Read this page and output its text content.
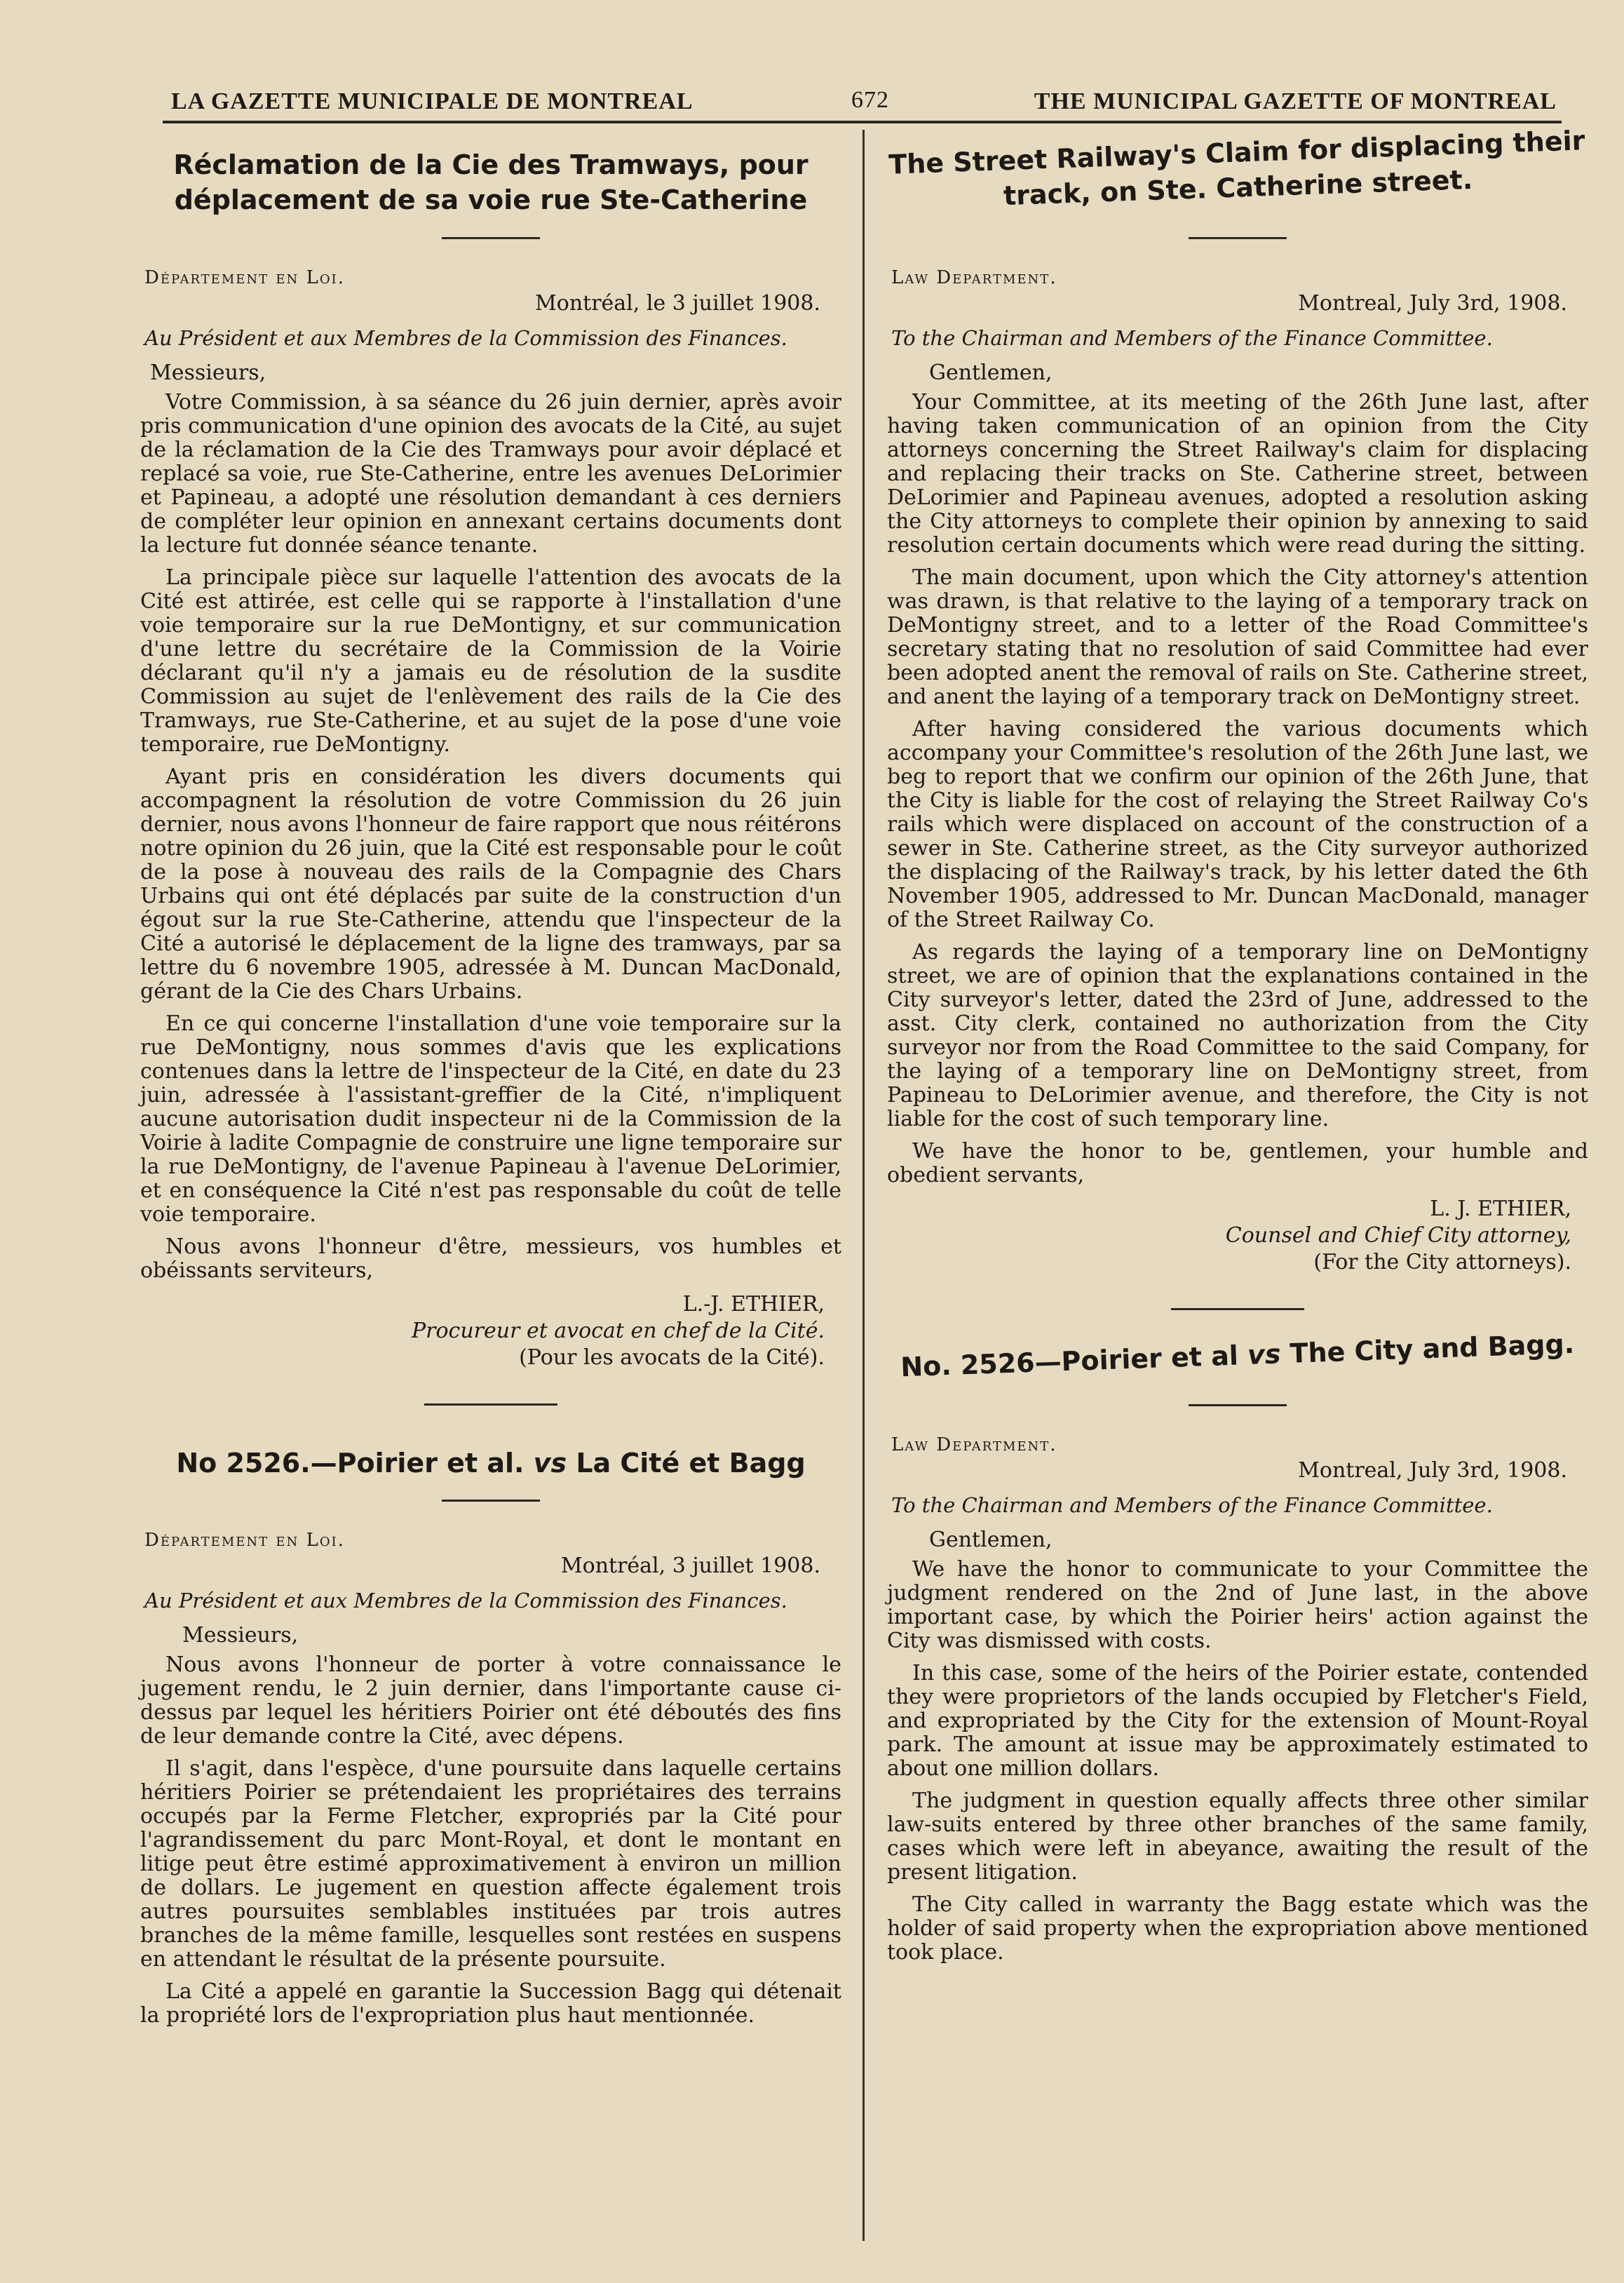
LA GAZETTE MUNICIPALE DE MONTREAL	672	THE MUNICIPAL GAZETTE OF MONTREAL
Réclamation de la Cie des Tramways, pour déplacement de sa voie rue Ste-Catherine
Département en Loi.
Montréal, le 3 juillet 1908.
Au Président et aux Membres de la Commission des Finances.
Messieurs,

Votre Commission, à sa séance du 26 juin dernier, après avoir pris communication d'une opinion des avocats de la Cité, au sujet de la réclamation de la Cie des Tramways pour avoir déplacé et replacé sa voie, rue Ste-Catherine, entre les avenues DeLorimier et Papineau, a adopté une résolution demandant à ces derniers de compléter leur opinion en annexant certains documents dont la lecture fut donnée séance tenante.

La principale pièce sur laquelle l'attention des avocats de la Cité est attirée, est celle qui se rapporte à l'installation d'une voie temporaire sur la rue DeMontigny, et sur communication d'une lettre du secrétaire de la Commission de la Voirie déclarant qu'il n'y a jamais eu de résolution de la susdite Commission au sujet de l'enlèvement des rails de la Cie des Tramways, rue Ste-Catherine, et au sujet de la pose d'une voie temporaire, rue DeMontigny.

Ayant pris en considération les divers documents qui accompagnent la résolution de votre Commission du 26 juin dernier, nous avons l'honneur de faire rapport que nous réitérons notre opinion du 26 juin, que la Cité est responsable pour le coût de la pose à nouveau des rails de la Compagnie des Chars Urbains qui ont été déplacés par suite de la construction d'un égout sur la rue Ste-Catherine, attendu que l'inspecteur de la Cité a autorisé le déplacement de la ligne des tramways, par sa lettre du 6 novembre 1905, adressée à M. Duncan MacDonald, gérant de la Cie des Chars Urbains.

En ce qui concerne l'installation d'une voie temporaire sur la rue DeMontigny, nous sommes d'avis que les explications contenues dans la lettre de l'inspecteur de la Cité, en date du 23 juin, adressée à l'assistant-greffier de la Cité, n'impliquent aucune autorisation dudit inspecteur ni de la Commission de la Voirie à ladite Compagnie de construire une ligne temporaire sur la rue DeMontigny, de l'avenue Papineau à l'avenue DeLorimier, et en conséquence la Cité n'est pas responsable du coût de telle voie temporaire.

Nous avons l'honneur d'être, messieurs, vos humbles et obéissants serviteurs,

L.-J. ETHIER,
Procureur et avocat en chef de la Cité.
(Pour les avocats de la Cité).
No 2526.—Poirier et al. vs La Cité et Bagg
Département en Loi.
Montréal, 3 juillet 1908.
Au Président et aux Membres de la Commission des Finances.
Messieurs,

Nous avons l'honneur de porter à votre connaissance le jugement rendu, le 2 juin dernier, dans l'importante cause ci-dessus par lequel les héritiers Poirier ont été déboutés des fins de leur demande contre la Cité, avec dépens.

Il s'agit, dans l'espèce, d'une poursuite dans laquelle certains héritiers Poirier se prétendaient les propriétaires des terrains occupés par la Ferme Fletcher, expropriés par la Cité pour l'agrandissement du parc Mont-Royal, et dont le montant en litige peut être estimé approximativement à environ un million de dollars. Le jugement en question affecte également trois autres poursuites semblables instituées par trois autres branches de la même famille, lesquelles sont restées en suspens en attendant le résultat de la présente poursuite.

La Cité a appelé en garantie la Succession Bagg qui détenait la propriété lors de l'expropriation plus haut mentionnée.

The Street Railway's Claim for displacing their track, on Ste. Catherine street.
Law Department.
Montreal, July 3rd, 1908.
To the Chairman and Members of the Finance Committee.
Gentlemen,

Your Committee, at its meeting of the 26th June last, after having taken communication of an opinion from the City attorneys concerning the Street Railway's claim for displacing and replacing their tracks on Ste. Catherine street, between DeLorimier and Papineau avenues, adopted a resolution asking the City attorneys to complete their opinion by annexing to said resolution certain documents which were read during the sitting.

The main document, upon which the City attorney's attention was drawn, is that relative to the laying of a temporary track on DeMontigny street, and to a letter of the Road Committee's secretary stating that no resolution of said Committee had ever been adopted anent the removal of rails on Ste. Catherine street, and anent the laying of a temporary track on DeMontigny street.

After having considered the various documents which accompany your Committee's resolution of the 26th June last, we beg to report that we confirm our opinion of the 26th June, that the City is liable for the cost of relaying the Street Railway Co's rails which were displaced on account of the construction of a sewer in Ste. Catherine street, as the City surveyor authorized the displacing of the Railway's track, by his letter dated the 6th November 1905, addressed to Mr. Duncan MacDonald, manager of the Street Railway Co.

As regards the laying of a temporary line on DeMontigny street, we are of opinion that the explanations contained in the City surveyor's letter, dated the 23rd of June, addressed to the asst. City clerk, contained no authorization from the City surveyor nor from the Road Committee to the said Company, for the laying of a temporary line on DeMontigny street, from Papineau to DeLorimier avenue, and therefore, the City is not liable for the cost of such temporary line.

We have the honor to be, gentlemen, your humble and obedient servants,

L. J. ETHIER,
Counsel and Chief City attorney,
(For the City attorneys).
No. 2526—Poirier et al vs The City and Bagg.
Law Department.
Montreal, July 3rd, 1908.
To the Chairman and Members of the Finance Committee.
Gentlemen,

We have the honor to communicate to your Committee the judgment rendered on the 2nd of June last, in the above important case, by which the Poirier heirs' action against the City was dismissed with costs.

In this case, some of the heirs of the Poirier estate, contended they were proprietors of the lands occupied by Fletcher's Field, and expropriated by the City for the extension of Mount-Royal park. The amount at issue may be approximately estimated to about one million dollars.

The judgment in question equally affects three other similar law-suits entered by three other branches of the same family, cases which were left in abeyance, awaiting the result of the present litigation.

The City called in warranty the Bagg estate which was the holder of said property when the expropriation above mentioned took place.
